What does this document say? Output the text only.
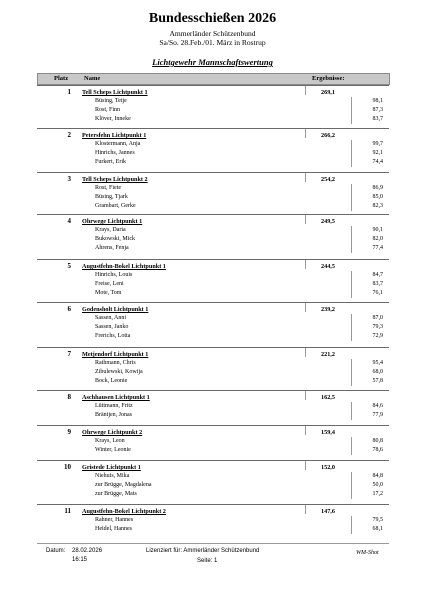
Bundesschießen 2026
Ammerländer Schützenbund
Sa/So. 28.Feb./01. März in Rostrup
Lichtgewehr Mannschaftswertung
Platz Name	Ergebnisse:
1 Tell Scheps Lichtpunkt 1	269,1
Büsing, Tetje	98,1
Rost, Finn	87,3
Klöver, Inneke	83,7
2 Petersfehn Lichtpunkt 1	266,2
Klostermann, Anja	99,7
Hinrichs, Jannes	92,1
Furkert, Erik	74,4
3 Tell Scheps Lichtpunkt 2	254,2
Rost, Fiete	86,9
Büsing, Tjark	85,0
Grambart, Gerke	82,3
4 Ohrwege Lichtpunkt 1	249,5
Krays, Daria	90,1
Bukowski, Mick	82,0
Ahrens, Fenja	77,4
5 Augustfehn-Bokel Lichtpunkt 1	244,5
Hinrichs, Louis	84,7
Freise, Leni	83,7
Mote, Tom	76,1
6 Godensholt Lichtpunkt 1	239,2
Sassen, Anni	87,0
Sassen, Janko	79,3
Frerichs, Lotta	72,9
7 Metjendorf Lichtpunkt 1	221,2
Rathmann, Chris	95,4
Zibulewski, Kowija	68,0
Bock, Leonie	57,8
8 Aschhausen Lichtpunkt 1	162,5
Lüttmann, Fritz	84,6
Bräntjen, Jonas	77,9
9 Ohrwege Lichtpunkt 2	159,4
Krays, Leon	80,8
Winter, Leonie	78,6
10 Gristede Lichtpunkt 1	152,0
Niehuis, Mika	84,8
zur Brügge, Magdalena	50,0
zur Brügge, Mats	17,2
11 Augustfehn-Bokel Lichtpunkt 2	147,6
Rahner, Hannes	79,5
Heidel, Hannes	68,1
Datum: 28.02.2026
16:15
Lizenziert für: Ammerländer Schützenbund
Seite: 1
WM-Shot
